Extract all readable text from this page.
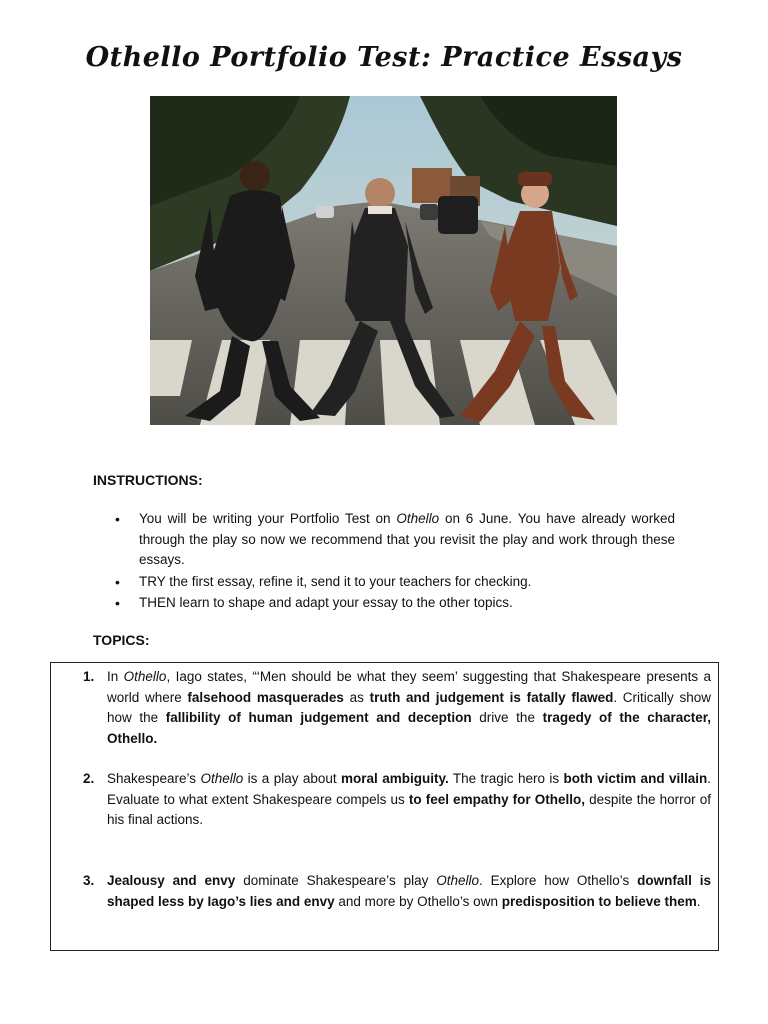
Othello Portfolio Test: Practice Essays
INSTRUCTIONS:
• You will be writing your Portfolio Test on Othello on 6 June. You have already worked through the play so now we recommend that you revisit the play and work through these essays.
• TRY the first essay, refine it, send it to your teachers for checking.
• THEN learn to shape and adapt your essay to the other topics.
TOPICS:
1. In Othello, Iago states, “‘Men should be what they seem’ suggesting that Shakespeare presents a world where falsehood masquerades as truth and judgement is fatally flawed. Critically show how the fallibility of human judgement and deception drive the tragedy of the character, Othello.
2. Shakespeare’s Othello is a play about moral ambiguity. The tragic hero is both victim and villain. Evaluate to what extent Shakespeare compels us to feel empathy for Othello, despite the horror of his final actions.
3. Jealousy and envy dominate Shakespeare’s play Othello. Explore how Othello’s downfall is shaped less by Iago’s lies and envy and more by Othello’s own predisposition to believe them.
